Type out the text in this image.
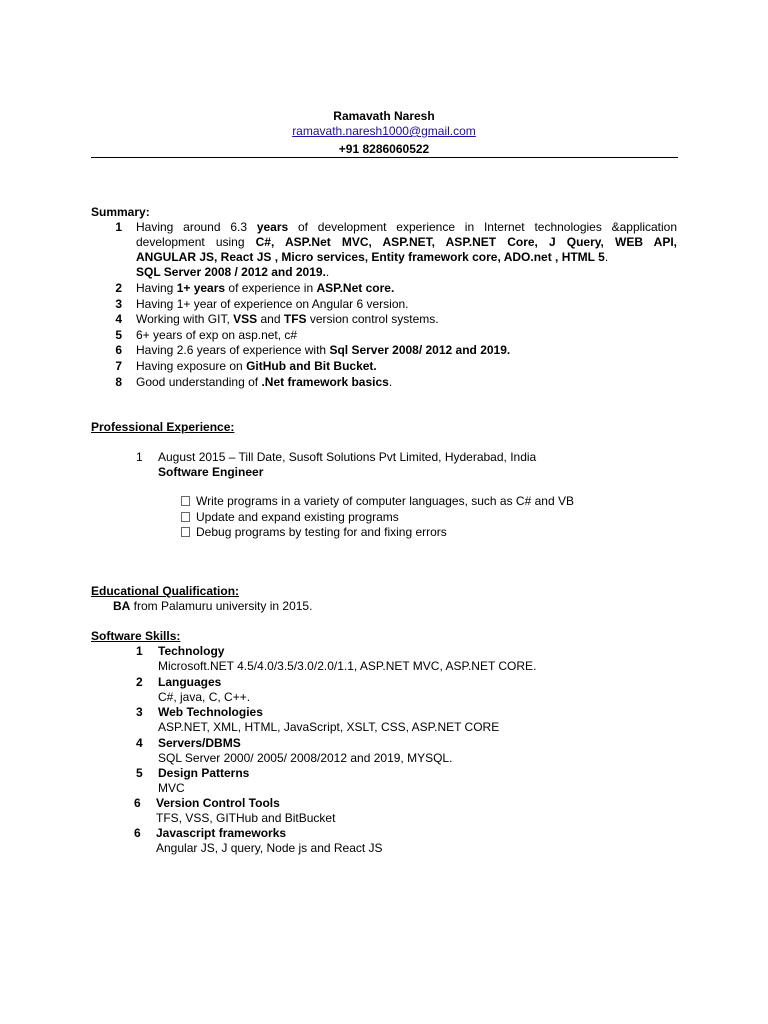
Ramavath Naresh
ramavath.naresh1000@gmail.com
+91 8286060522
Summary:
1 Having around 6.3 years of development experience in Internet technologies &application
development using C#, ASP.Net MVC, ASP.NET, ASP.NET Core, J Query, WEB API,
ANGULAR JS, React JS , Micro services, Entity framework core, ADO.net , HTML 5.
SQL Server 2008 / 2012 and 2019..
2 Having 1+ years of experience in ASP.Net core.
3 Having 1+ year of experience on Angular 6 version.
4 Working with GIT, VSS and TFS version control systems.
5 6+ years of exp on asp.net, c#
6 Having 2.6 years of experience with Sql Server 2008/ 2012 and 2019.
7 Having exposure on GitHub and Bit Bucket.
8 Good understanding of .Net framework basics.
Professional Experience:
1 August 2015 – Till Date, Susoft Solutions Pvt Limited, Hyderabad, India
Software Engineer
Write programs in a variety of computer languages, such as C# and VB
Update and expand existing programs
Debug programs by testing for and fixing errors
Educational Qualification:
BA from Palamuru university in 2015.
Software Skills:
1 Technology
Microsoft.NET 4.5/4.0/3.5/3.0/2.0/1.1, ASP.NET MVC, ASP.NET CORE.
2 Languages
C#, java, C, C++.
3 Web Technologies
ASP.NET, XML, HTML, JavaScript, XSLT, CSS, ASP.NET CORE
4 Servers/DBMS
SQL Server 2000/ 2005/ 2008/2012 and 2019, MYSQL.
5 Design Patterns
MVC
6 Version Control Tools
TFS, VSS, GITHub and BitBucket
6 Javascript frameworks
Angular JS, J query, Node js and React JS
